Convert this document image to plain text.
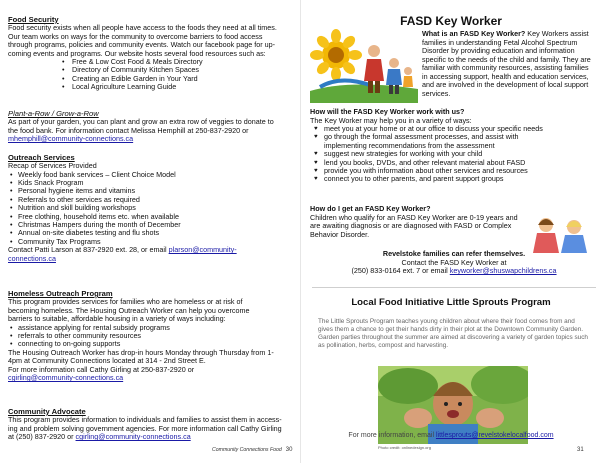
Food Security

Food security exists when all people have access to the foods they need at all times.

Our team works on ways for the community to overcome barriers to food access

through programs, policies and community events. Watch our facebook page for up-

coming events and programs. Our website hosts several food resources such as:

• Free & Low Cost Food & Meals Directory
• Directory of Community Kitchen Spaces
• Creating an Edible Garden in Your Yard
• Local Agriculture Learning Guide

Plant-a-Row / Grow-a-Row

As part of your garden, you can plant and grow an extra row of veggies to donate to

the food bank. For information contact Melissa Hemphill at 250-837-2920 or

mhemphill@community-connections.ca

Outreach Services

Recap of Services Provided

• Weekly food bank services – Client Choice Model
• Kids Snack Program
• Personal hygiene items and vitamins
• Referrals to other services as required
• Nutrition and skill building workshops
• Free clothing, household items etc. when available
• Christmas Hampers during the month of December
• Annual on-site diabetes testing and flu shots
• Community Tax Programs

Contact Patti Larson at 837-2920 ext. 28, or email plarson@community-

connections.ca

Homeless Outreach Program

This program provides services for families who are homeless or at risk of

becoming homeless. The Housing Outreach Worker can help you overcome

barriers to suitable, affordable housing in a variety of ways including:

• assistance applying for rental subsidy programs
• referrals to other community resources
• connecting to on-going supports

The Housing Outreach Worker has drop-in hours Monday through Thursday from 1-

4pm at Community Connections located at 314 - 2nd Street E.

For more information call Cathy Girling at 250-837-2920 or

cgirling@community-connections.ca

Community Advocate

This program provides information to individuals and families to assist them in access-

ing and problem solving government agencies. For more information call Cathy Girling

at (250) 837-2920 or cgirling@community-connections.ca

Community Connections Food 30
FASD Key Worker
What is an FASD Key Worker? Key Workers assist families in understanding Fetal Alcohol Spectrum Disorder by providing education and information specific to the needs of the child and family. They are familiar with community resources, assisting families in accessing support, health and education services, and are involved in the development of local support services.

How will the FASD Key Worker work with us?

The Key Worker may help you in a variety of ways:

♥ meet you at your home or at our office to discuss your specific needs
♥ go through the formal assessment processes, and assist with
implementing recommendations from the assessment
♥ suggest new strategies for working with your child
♥ lend you books, DVDs, and other relevant material about FASD
♥ provide you with information about other services and resources
♥ connect you to other parents, and parent support groups

How do I get an FASD Key Worker?

Children who qualify for an FASD Key Worker are 0-19 years and are awaiting diagnosis or are diagnosed with FASD or Complex Behavior Disorder.

Revelstoke families can refer themselves.
Contact the FASD Key Worker at
(250) 833-0164 ext. 7 or email keyworker@shuswapchildrens.ca
Local Food Initiative Little Sprouts Program
The Little Sprouts Program teaches young children about where their food comes from and gives them a chance to get their hands dirty in their plot at the Downtown Community Garden. Garden parties throughout the summer are aimed at discovering a variety of garden topics such as pollination, herbs, compost and harvesting.
Photo credit: onlinedesign.org
For more information, email littlesprouts@revelstokelocalfood.com
31
